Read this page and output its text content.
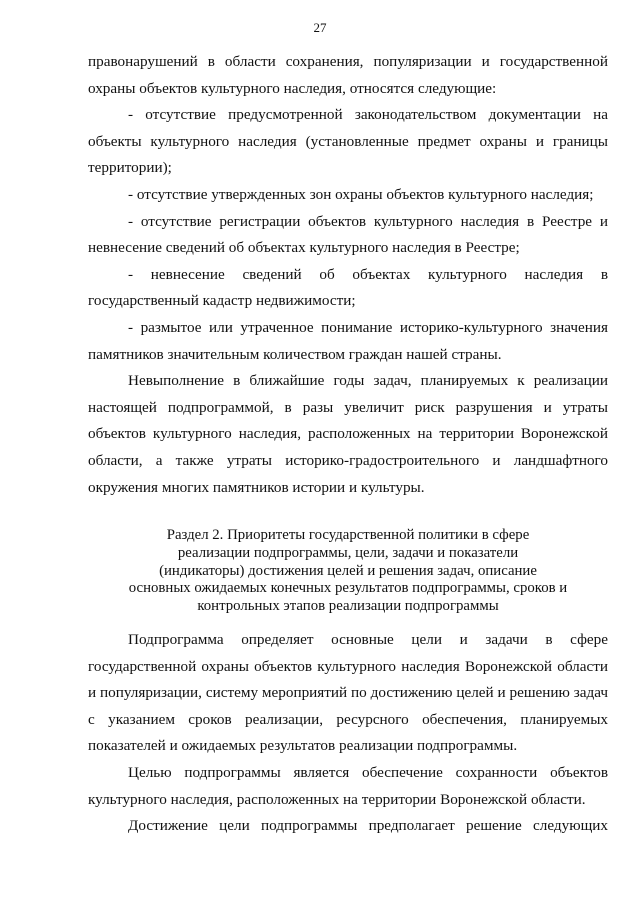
27

правонарушений в области сохранения, популяризации и государственной охраны объектов культурного наследия, относятся следующие:

- отсутствие предусмотренной законодательством документации на объекты культурного наследия (установленные предмет охраны и границы территории);

- отсутствие утвержденных зон охраны объектов культурного наследия;

- отсутствие регистрации объектов культурного наследия в Реестре и невнесение сведений об объектах культурного наследия в Реестре;

- невнесение сведений об объектах культурного наследия в государственный кадастр недвижимости;

- размытое или утраченное понимание историко-культурного значения памятников значительным количеством граждан нашей страны.

Невыполнение в ближайшие годы задач, планируемых к реализации настоящей подпрограммой, в разы увеличит риск разрушения и утраты объектов культурного наследия, расположенных на территории Воронежской области, а также утраты историко-градостроительного и ландшафтного окружения многих памятников истории и культуры.

Раздел 2. Приоритеты государственной политики в сфере
реализации подпрограммы, цели, задачи и показатели
(индикаторы) достижения целей и решения задач, описание
основных ожидаемых конечных результатов подпрограммы, сроков и
контрольных этапов реализации подпрограммы

Подпрограмма определяет основные цели и задачи в сфере государственной охраны объектов культурного наследия Воронежской области и популяризации, систему мероприятий по достижению целей и решению задач с указанием сроков реализации, ресурсного обеспечения, планируемых показателей и ожидаемых результатов реализации подпрограммы.

Целью подпрограммы является обеспечение сохранности объектов культурного наследия, расположенных на территории Воронежской области.

Достижение цели подпрограммы предполагает решение следующих
